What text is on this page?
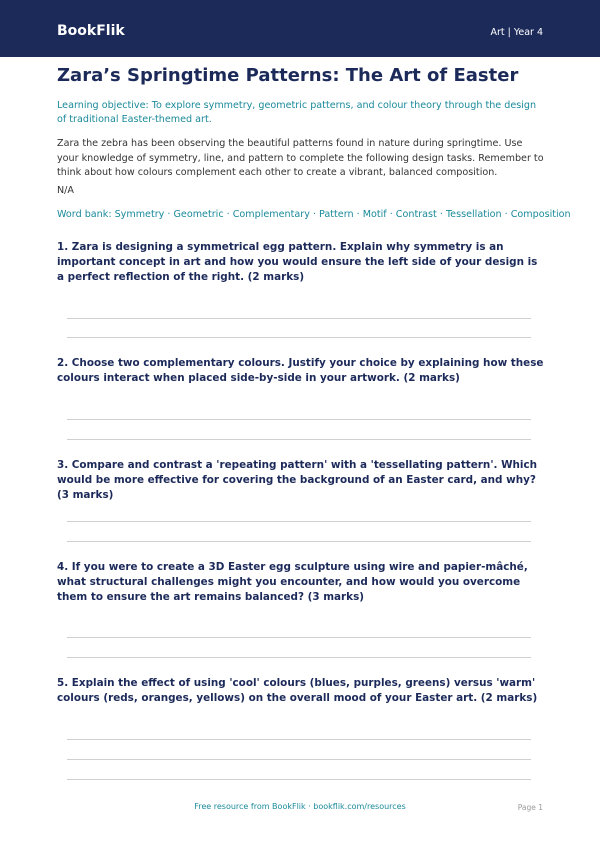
BookFlik	Art | Year 4
Zara’s Springtime Patterns: The Art of Easter

Learning objective: To explore symmetry, geometric patterns, and colour theory through the design of traditional Easter-themed art.

Zara the zebra has been observing the beautiful patterns found in nature during springtime. Use your knowledge of symmetry, line, and pattern to complete the following design tasks. Remember to think about how colours complement each other to create a vibrant, balanced composition.

N/A

Word bank: Symmetry · Geometric · Complementary · Pattern · Motif · Contrast · Tessellation · Composition

1. Zara is designing a symmetrical egg pattern. Explain why symmetry is an important concept in art and how you would ensure the left side of your design is a perfect reflection of the right. (2 marks)

2. Choose two complementary colours. Justify your choice by explaining how these colours interact when placed side-by-side in your artwork. (2 marks)

3. Compare and contrast a 'repeating pattern' with a 'tessellating pattern'. Which would be more effective for covering the background of an Easter card, and why? (3 marks)

4. If you were to create a 3D Easter egg sculpture using wire and papier-mâché, what structural challenges might you encounter, and how would you overcome them to ensure the art remains balanced? (3 marks)

5. Explain the effect of using 'cool' colours (blues, purples, greens) versus 'warm' colours (reds, oranges, yellows) on the overall mood of your Easter art. (2 marks)

Free resource from BookFlik · bookflik.com/resources	Page 1
